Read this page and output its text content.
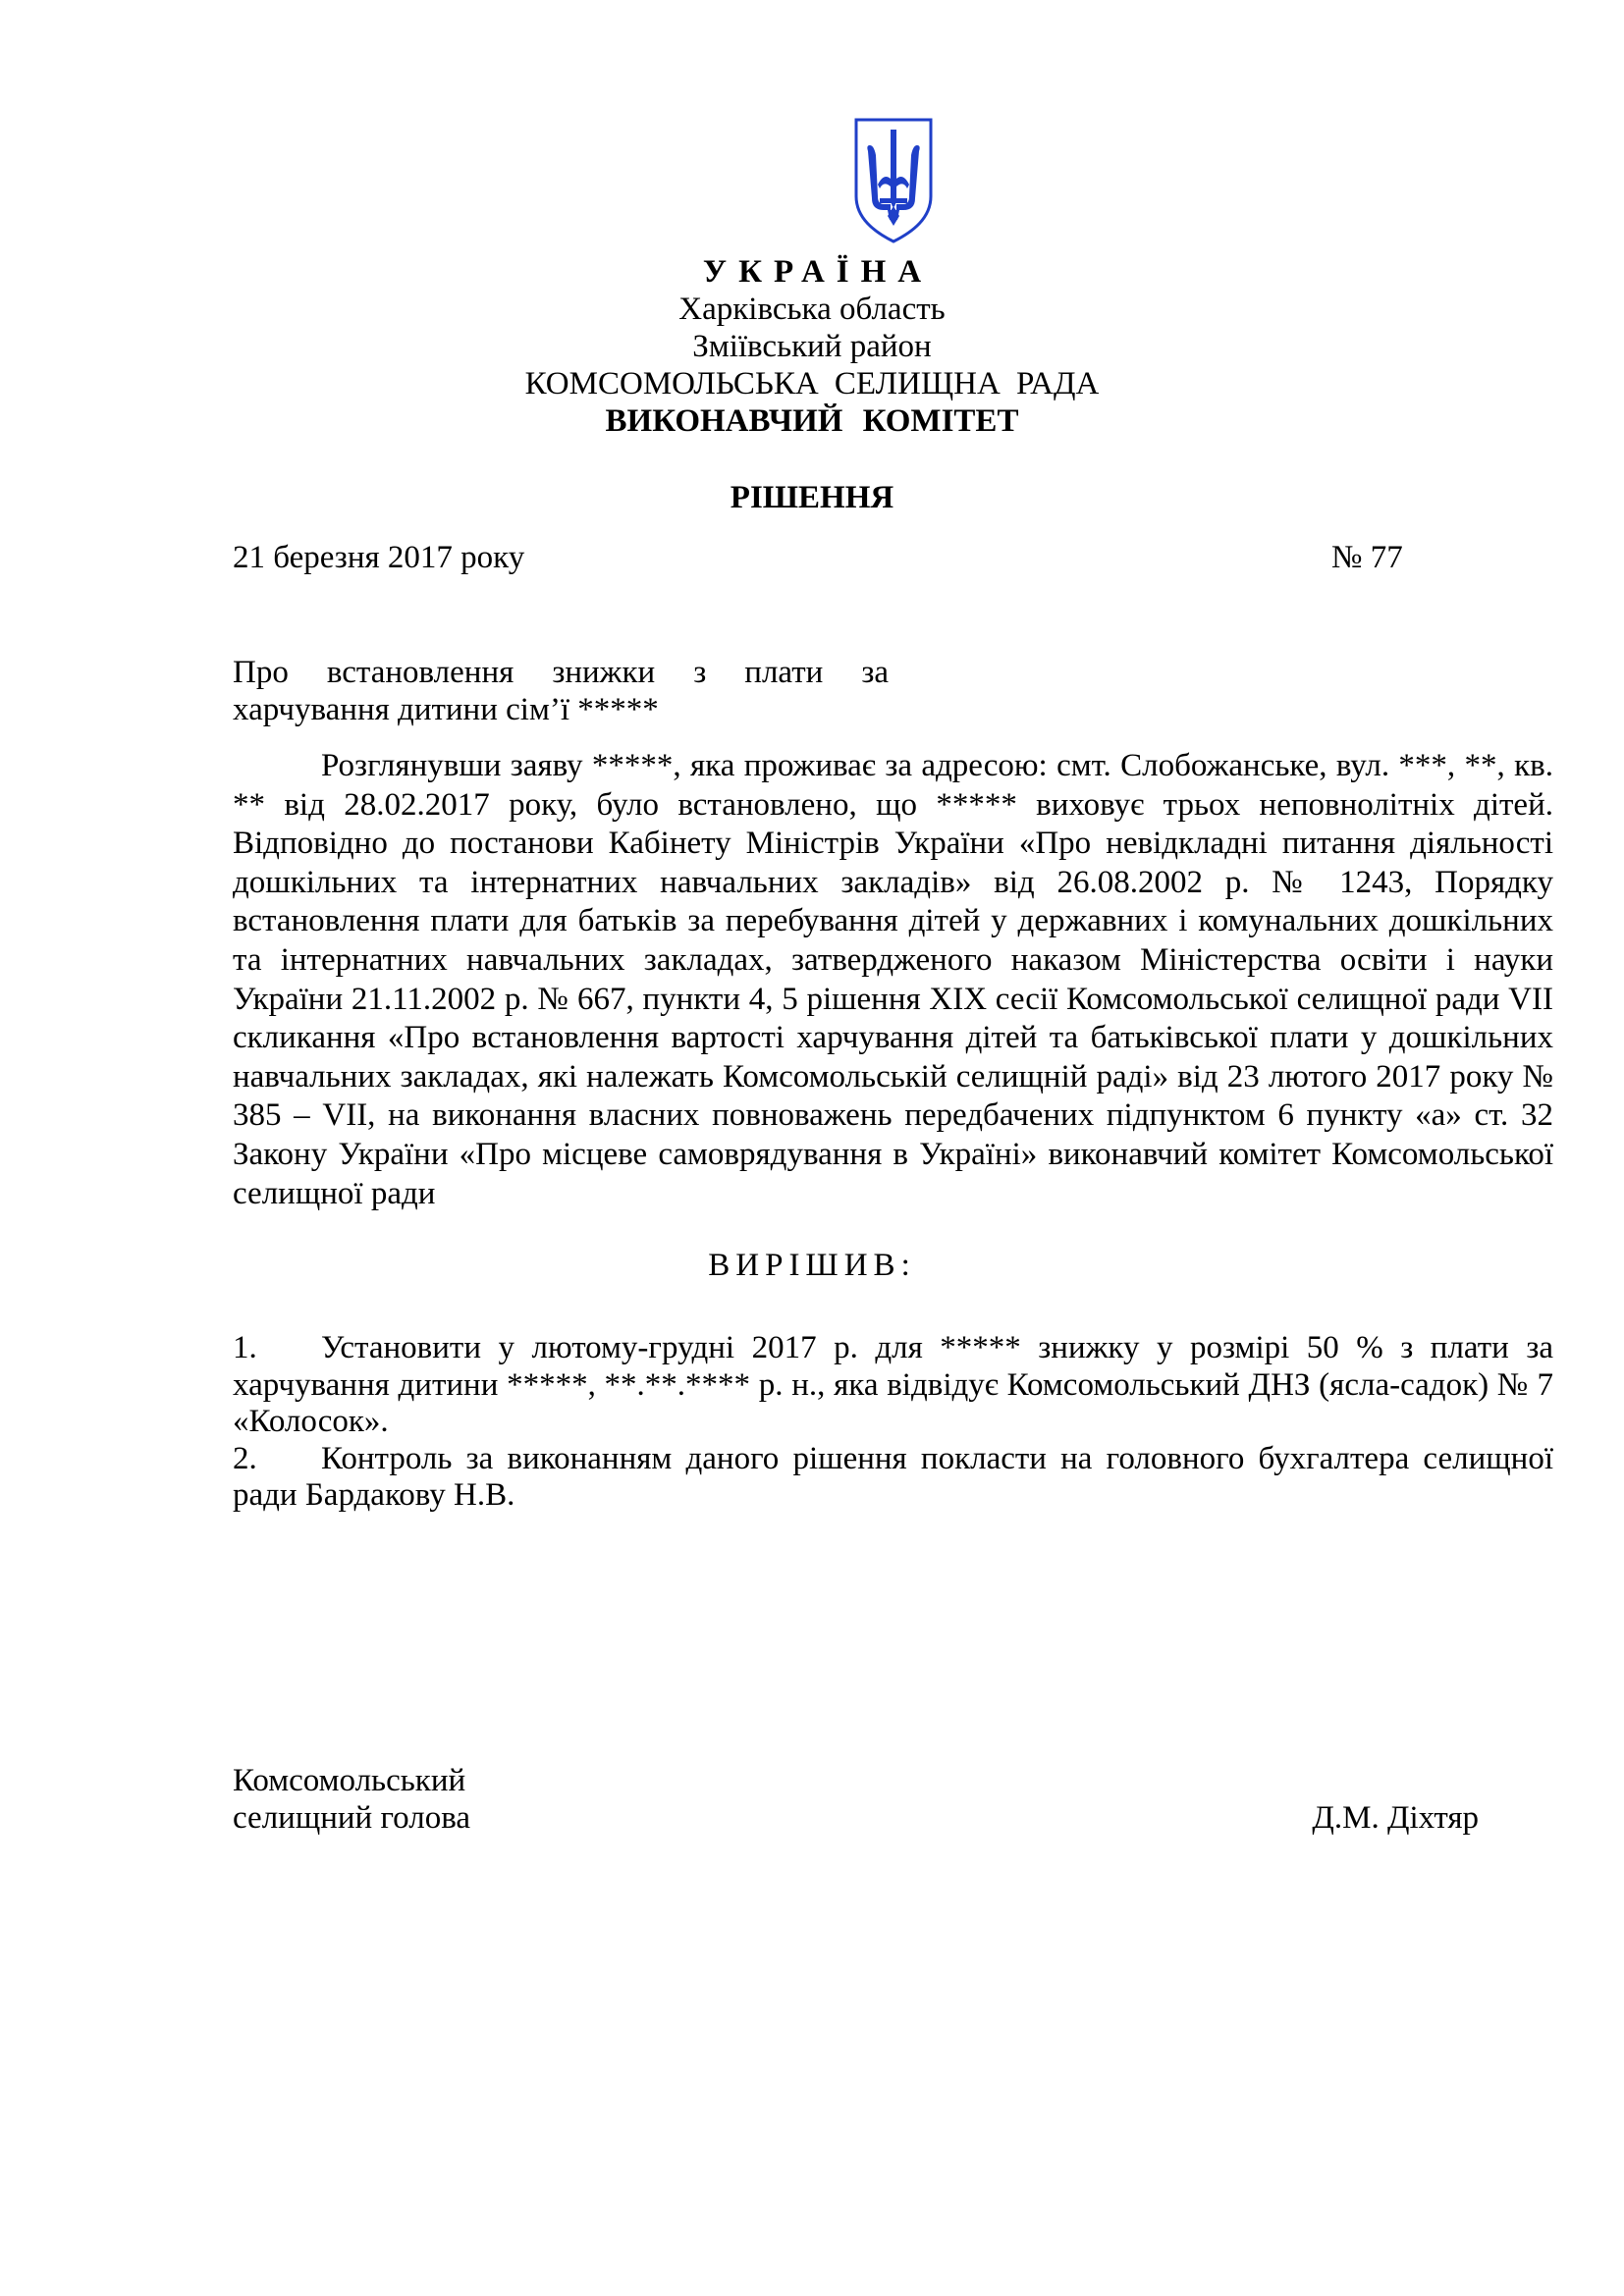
УКРАЇНА
Харківська область
Зміївський район
КОМСОМОЛЬСЬКА СЕЛИЩНА РАДА
ВИКОНАВЧИЙ КОМІТЕТ
РІШЕННЯ
21 березня 2017 року	№ 77
Про встановлення знижки з плати за
харчування дитини сім’ї *****
Розглянувши заяву *****, яка проживає за адресою: смт. Слобожанське, вул. ***, **, кв. ** від 28.02.2017 року, було встановлено, що ***** виховує трьох неповнолітніх дітей. Відповідно до постанови Кабінету Міністрів України «Про невідкладні питання діяльності дошкільних та інтернатних навчальних закладів» від 26.08.2002 р. № 1243, Порядку встановлення плати для батьків за перебування дітей у державних і комунальних дошкільних та інтернатних навчальних закладах, затвердженого наказом Міністерства освіти і науки України 21.11.2002 р. № 667, пункти 4, 5 рішення ХІХ сесії Комсомольської селищної ради VІІ скликання «Про встановлення вартості харчування дітей та батьківської плати у дошкільних навчальних закладах, які належать Комсомольській селищній раді» від 23 лютого 2017 року № 385 – VІІ, на виконання власних повноважень передбачених підпунктом 6 пункту «а» ст. 32 Закону України «Про місцеве самоврядування в Україні» виконавчий комітет Комсомольської селищної ради
ВИРІШИВ:
1. Установити у лютому-грудні 2017 р. для ***** знижку у розмірі 50 % з плати за харчування дитини *****, **.**.**** р. н., яка відвідує Комсомольський ДНЗ (ясла-садок) № 7 «Колосок».
2. Контроль за виконанням даного рішення покласти на головного бухгалтера селищної ради Бардакову Н.В.
Комсомольський
селищний голова	Д.М. Діхтяр
